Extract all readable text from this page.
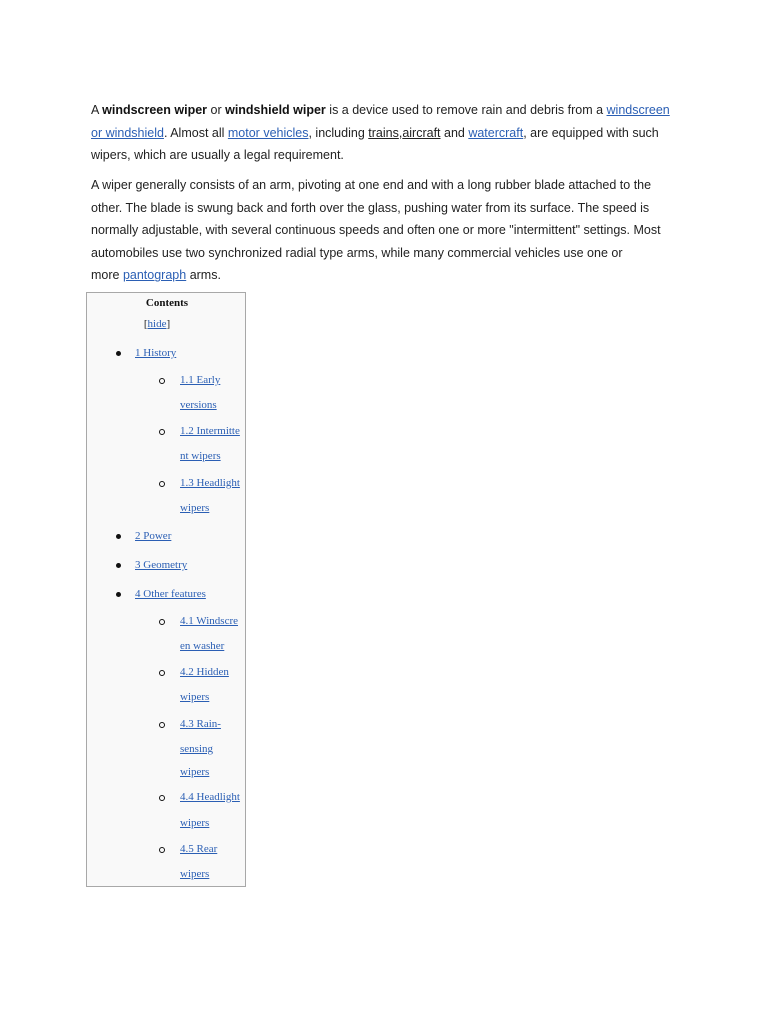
A windscreen wiper or windshield wiper is a device used to remove rain and debris from a windscreen
or windshield. Almost all motor vehicles, including trains,aircraft and watercraft, are equipped with such
wipers, which are usually a legal requirement.
A wiper generally consists of an arm, pivoting at one end and with a long rubber blade attached to the
other. The blade is swung back and forth over the glass, pushing water from its surface. The speed is
normally adjustable, with several continuous speeds and often one or more "intermittent" settings. Most
automobiles use two synchronized radial type arms, while many commercial vehicles use one or
more pantograph arms.
Contents
[hide]
1 History
1.1 Early
versions
1.2 Intermitte
nt wipers
1.3 Headlight
wipers
2 Power
3 Geometry
4 Other features
4.1 Windscre
en washer
4.2 Hidden
wipers
4.3 Rain-
sensing
wipers
4.4 Headlight
wipers
4.5 Rear
wipers
